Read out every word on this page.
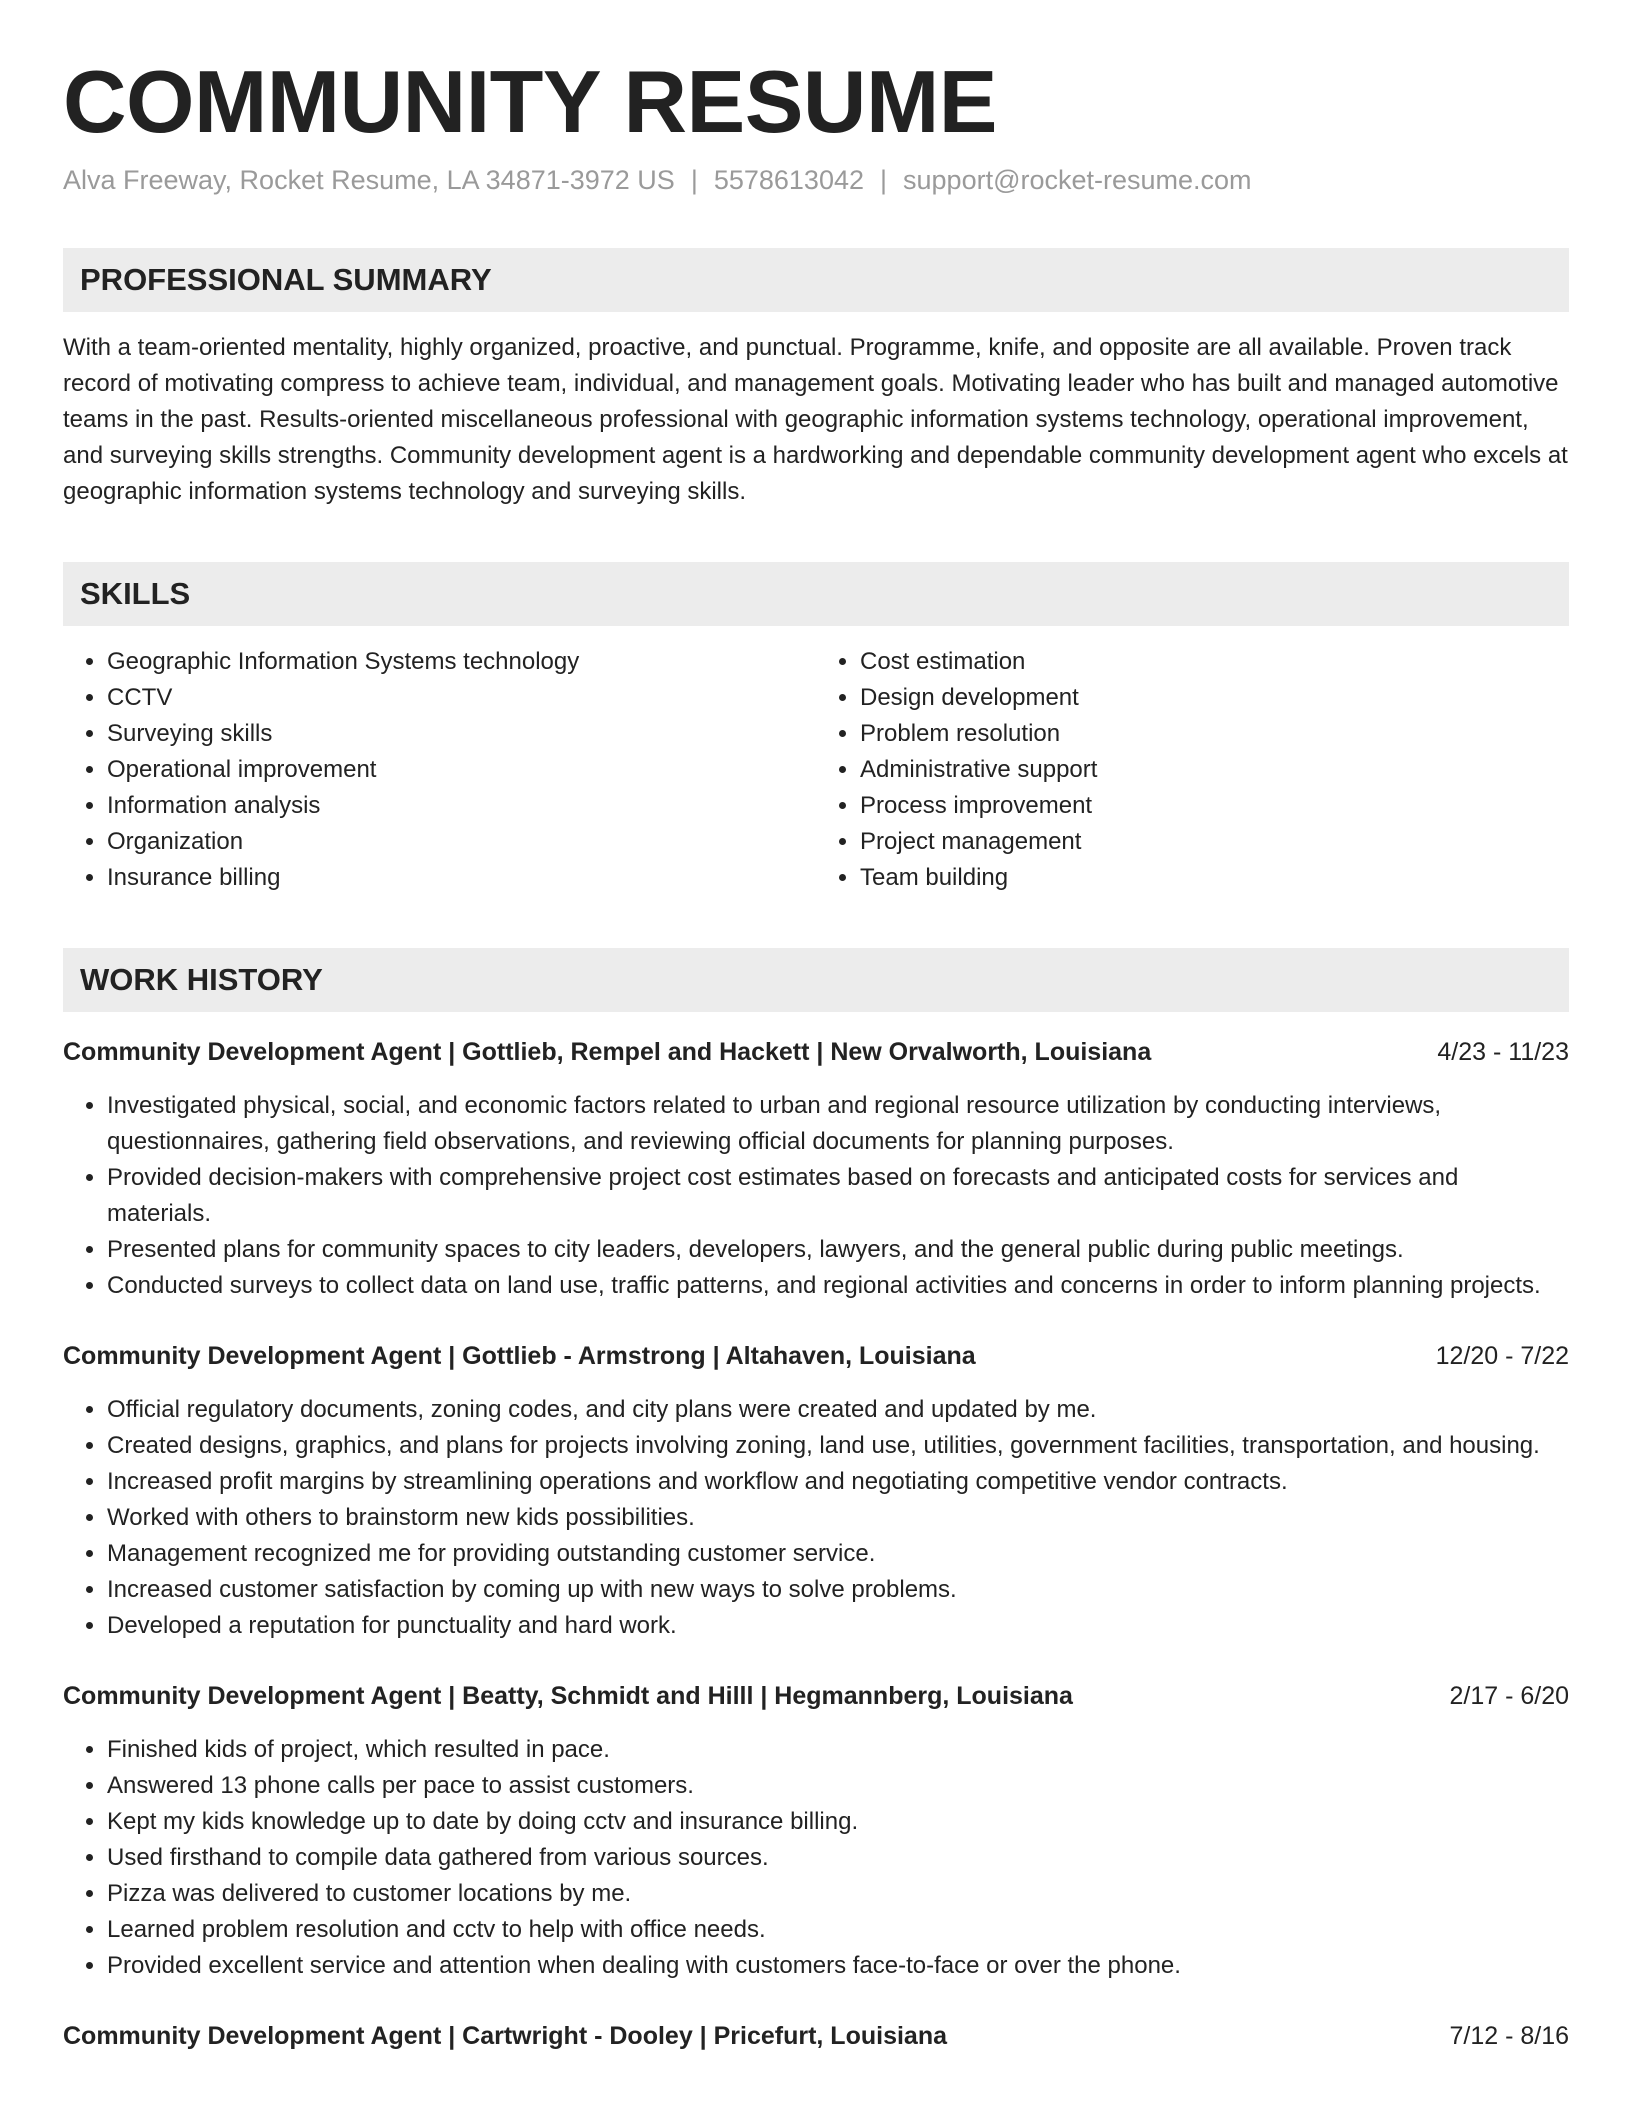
COMMUNITY RESUME
Alva Freeway, Rocket Resume, LA 34871-3972 US | 5578613042 | support@rocket-resume.com
PROFESSIONAL SUMMARY
With a team-oriented mentality, highly organized, proactive, and punctual. Programme, knife, and opposite are all available. Proven track record of motivating compress to achieve team, individual, and management goals. Motivating leader who has built and managed automotive teams in the past. Results-oriented miscellaneous professional with geographic information systems technology, operational improvement, and surveying skills strengths. Community development agent is a hardworking and dependable community development agent who excels at geographic information systems technology and surveying skills.
SKILLS
• Geographic Information Systems technology
• CCTV
• Surveying skills
• Operational improvement
• Information analysis
• Organization
• Insurance billing
• Cost estimation
• Design development
• Problem resolution
• Administrative support
• Process improvement
• Project management
• Team building
WORK HISTORY
Community Development Agent | Gottlieb, Rempel and Hackett | New Orvalworth, Louisiana	4/23 - 11/23
• Investigated physical, social, and economic factors related to urban and regional resource utilization by conducting interviews, questionnaires, gathering field observations, and reviewing official documents for planning purposes.
• Provided decision-makers with comprehensive project cost estimates based on forecasts and anticipated costs for services and materials.
• Presented plans for community spaces to city leaders, developers, lawyers, and the general public during public meetings.
• Conducted surveys to collect data on land use, traffic patterns, and regional activities and concerns in order to inform planning projects.
Community Development Agent | Gottlieb - Armstrong | Altahaven, Louisiana	12/20 - 7/22
• Official regulatory documents, zoning codes, and city plans were created and updated by me.
• Created designs, graphics, and plans for projects involving zoning, land use, utilities, government facilities, transportation, and housing.
• Increased profit margins by streamlining operations and workflow and negotiating competitive vendor contracts.
• Worked with others to brainstorm new kids possibilities.
• Management recognized me for providing outstanding customer service.
• Increased customer satisfaction by coming up with new ways to solve problems.
• Developed a reputation for punctuality and hard work.
Community Development Agent | Beatty, Schmidt and Hilll | Hegmannberg, Louisiana	2/17 - 6/20
• Finished kids of project, which resulted in pace.
• Answered 13 phone calls per pace to assist customers.
• Kept my kids knowledge up to date by doing cctv and insurance billing.
• Used firsthand to compile data gathered from various sources.
• Pizza was delivered to customer locations by me.
• Learned problem resolution and cctv to help with office needs.
• Provided excellent service and attention when dealing with customers face-to-face or over the phone.
Community Development Agent | Cartwright - Dooley | Pricefurt, Louisiana	7/12 - 8/16
